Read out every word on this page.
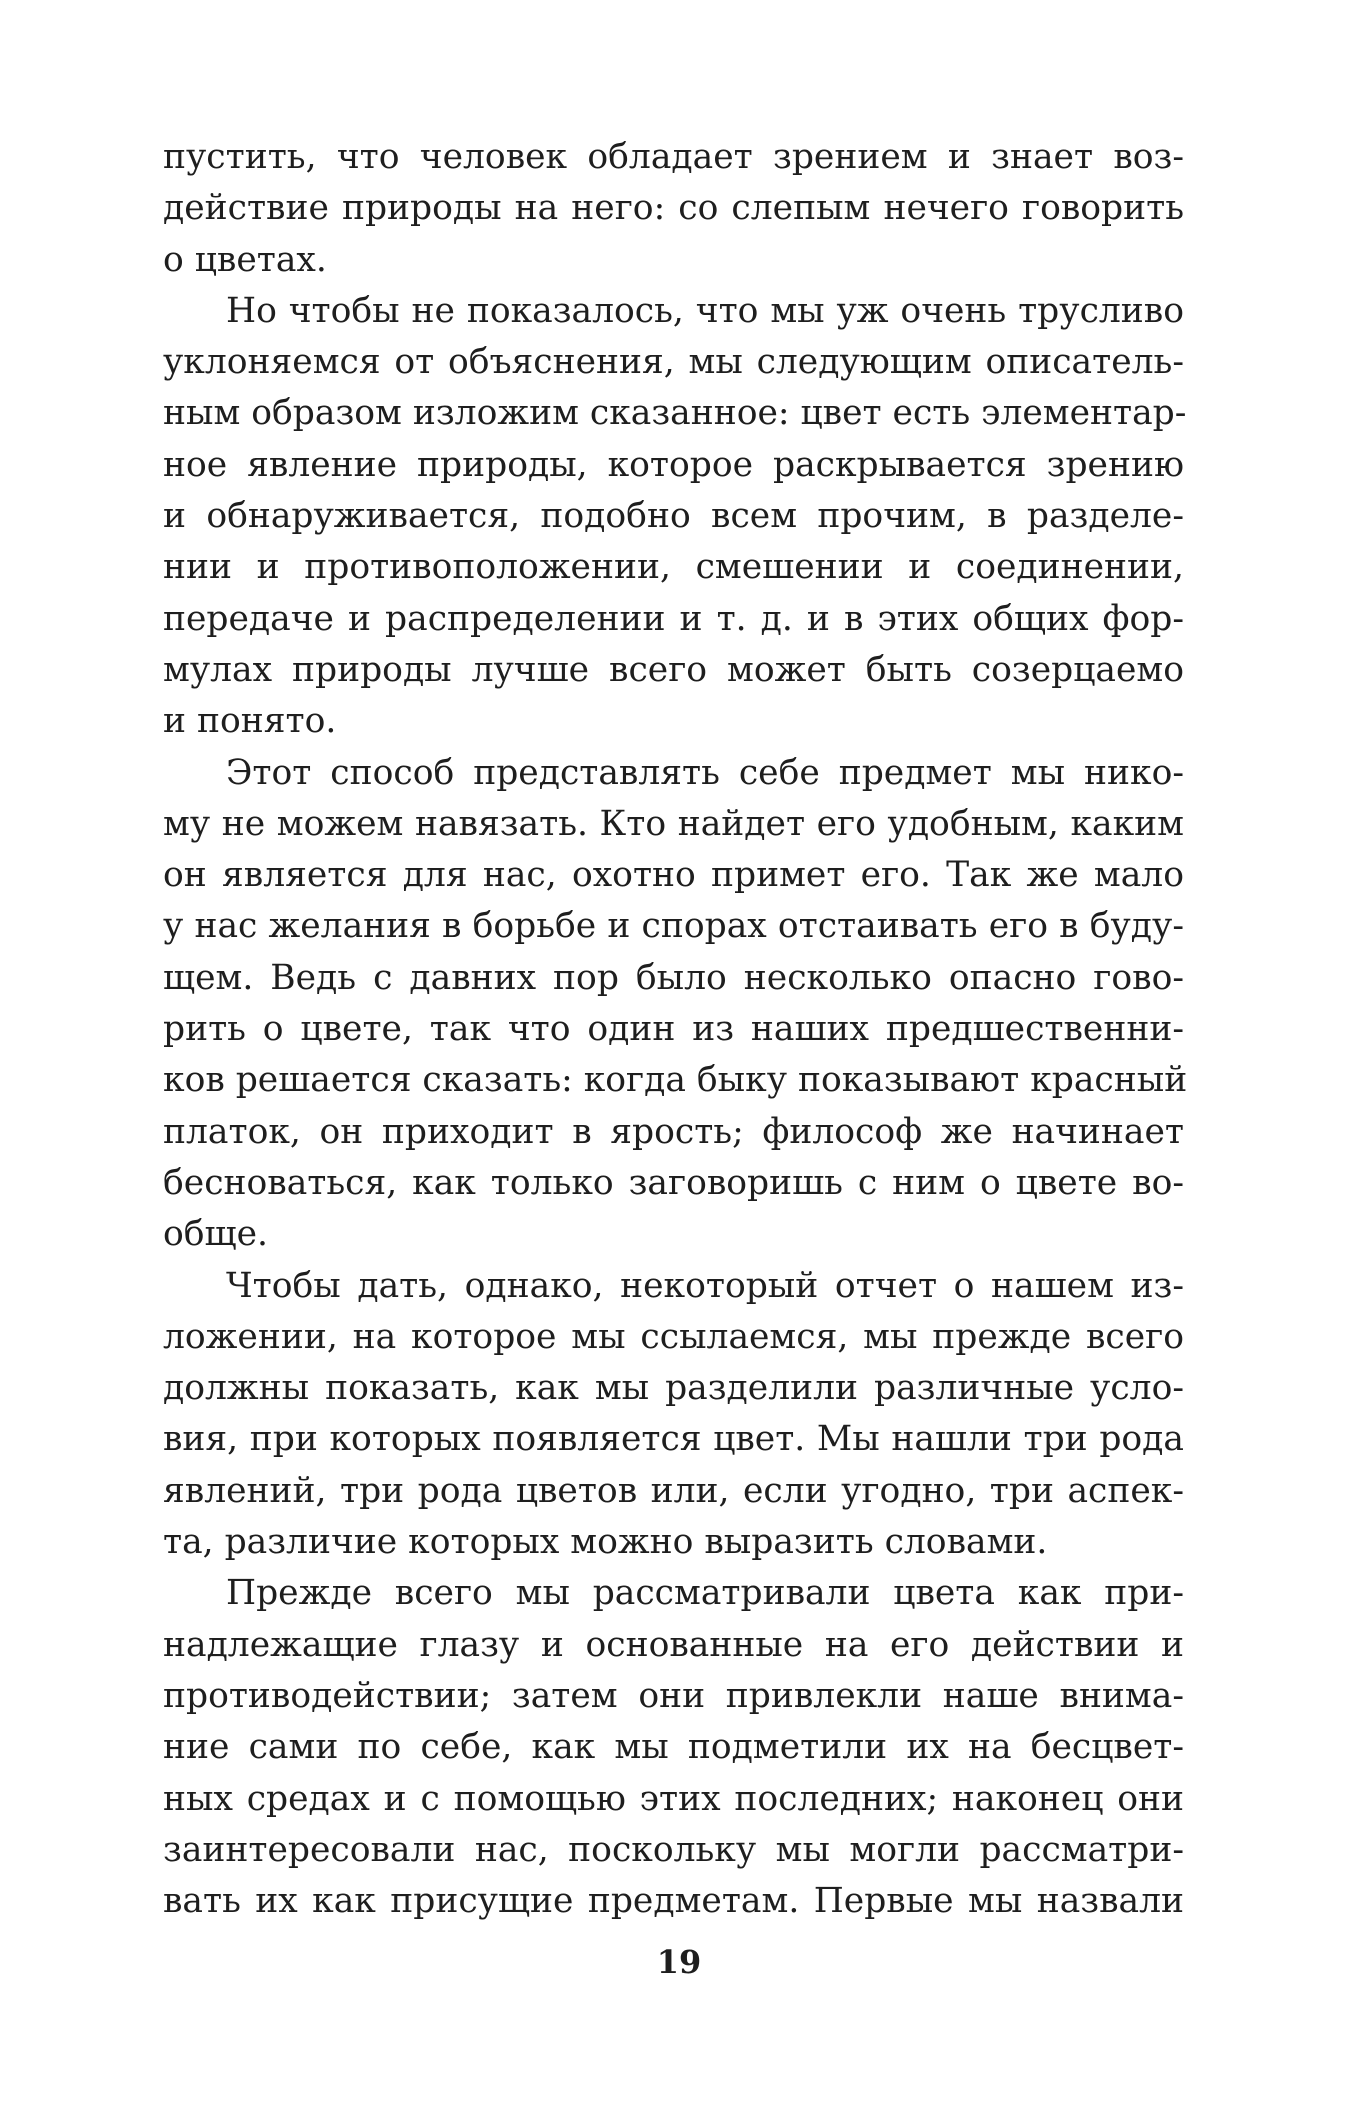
пустить, что человек обладает зрением и знает воз-
действие природы на него: со слепым нечего говорить
о цветах.
Но чтобы не показалось, что мы уж очень трусливо
уклоняемся от объяснения, мы следующим описатель-
ным образом изложим сказанное: цвет есть элементар-
ное явление природы, которое раскрывается зрению
и обнаруживается, подобно всем прочим, в разделе-
нии и противоположении, смешении и соединении,
передаче и распределении и т. д. и в этих общих фор-
мулах природы лучше всего может быть созерцаемо
и понято.
Этот способ представлять себе предмет мы нико-
му не можем навязать. Кто найдет его удобным, каким
он является для нас, охотно примет его. Так же мало
у нас желания в борьбе и спорах отстаивать его в буду-
щем. Ведь с давних пор было несколько опасно гово-
рить о цвете, так что один из наших предшественни-
ков решается сказать: когда быку показывают красный
платок, он приходит в ярость; философ же начинает
бесноваться, как только заговоришь с ним о цвете во-
обще.
Чтобы дать, однако, некоторый отчет о нашем из-
ложении, на которое мы ссылаемся, мы прежде всего
должны показать, как мы разделили различные усло-
вия, при которых появляется цвет. Мы нашли три рода
явлений, три рода цветов или, если угодно, три аспек-
та, различие которых можно выразить словами.
Прежде всего мы рассматривали цвета как при-
надлежащие глазу и основанные на его действии и
противодействии; затем они привлекли наше внима-
ние сами по себе, как мы подметили их на бесцвет-
ных средах и с помощью этих последних; наконец они
заинтересовали нас, поскольку мы могли рассматри-
вать их как присущие предметам. Первые мы назвали
19
